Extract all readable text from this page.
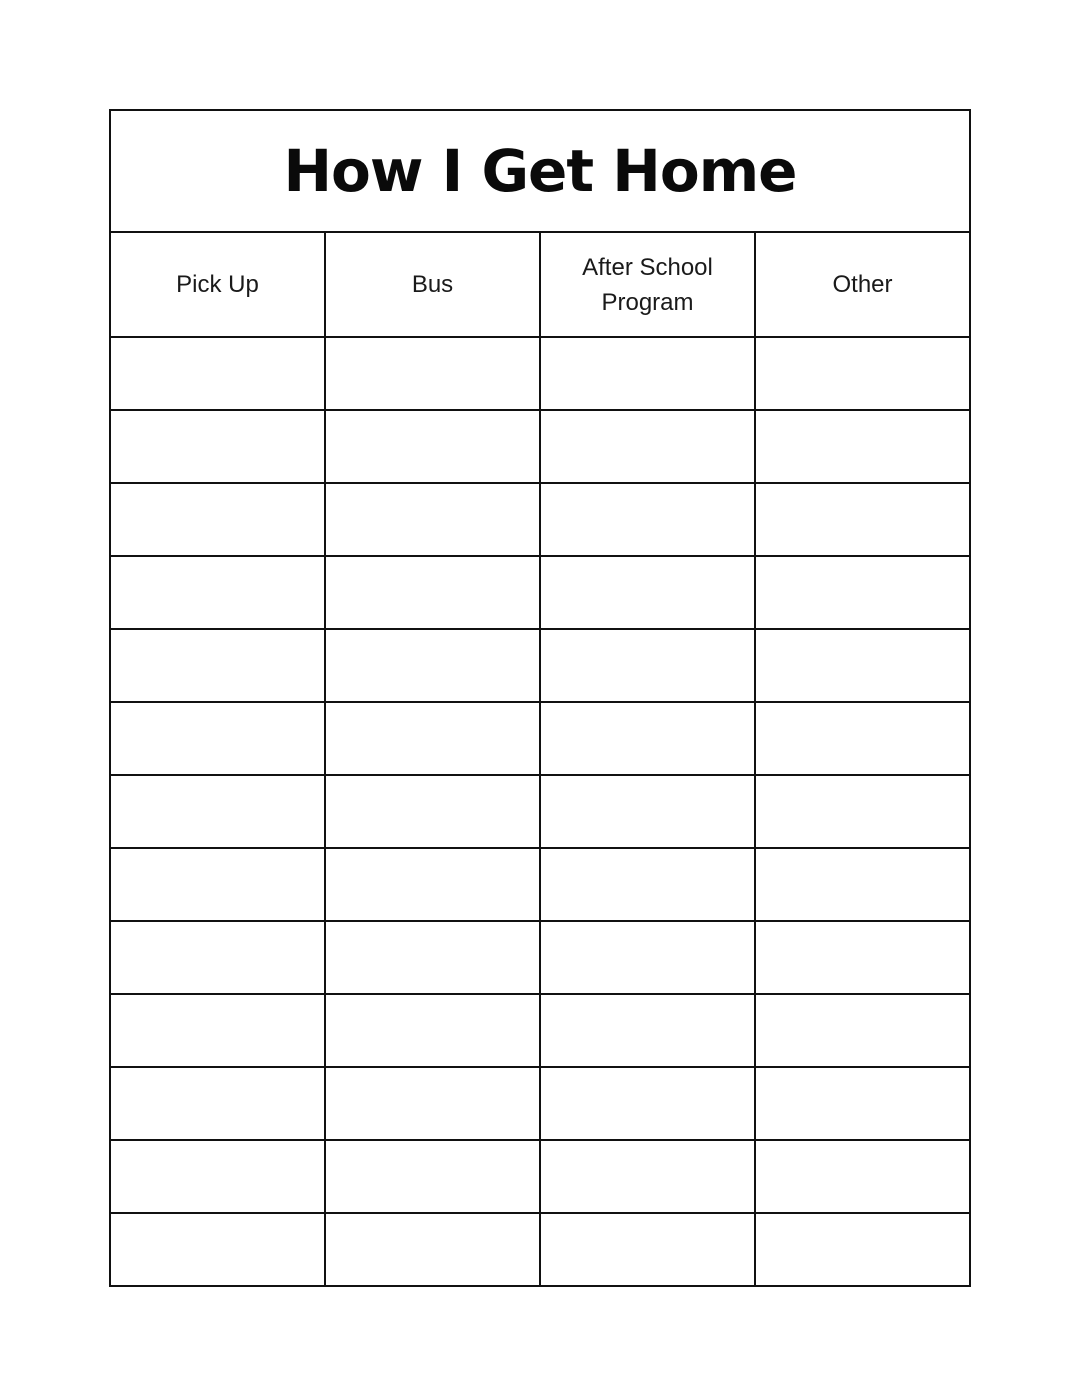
How I Get Home			
Pick Up	Bus	After School Program	Other
